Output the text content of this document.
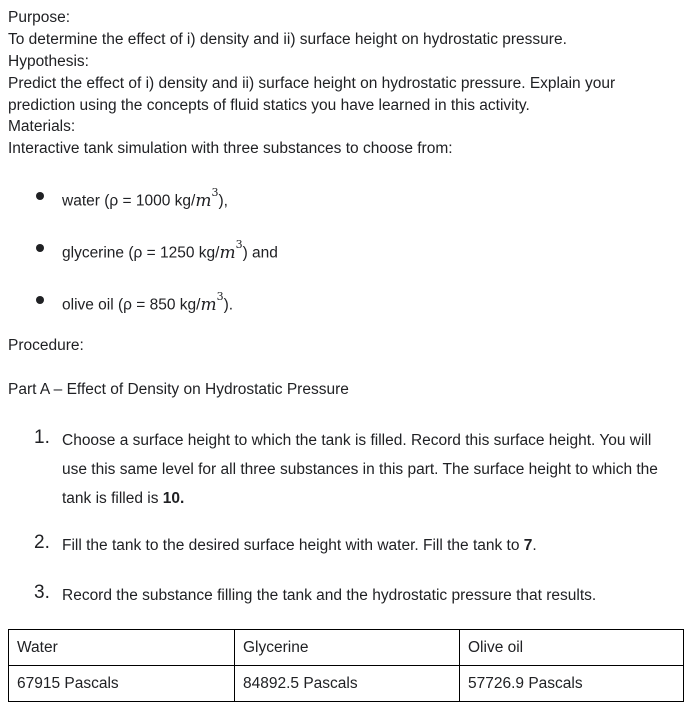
Purpose:
To determine the effect of i) density and ii) surface height on hydrostatic pressure.
Hypothesis:
Predict the effect of i) density and ii) surface height on hydrostatic pressure. Explain your
prediction using the concepts of fluid statics you have learned in this activity.
Materials:
Interactive tank simulation with three substances to choose from:
water (ρ = 1000 $kg/m^3$),
glycerine (ρ = 1250 $kg/m^3$) and
olive oil (ρ = 850 $kg/m^3$).
Procedure:
Part A – Effect of Density on Hydrostatic Pressure
1. Choose a surface height to which the tank is filled. Record this surface height. You will use this same level for all three substances in this part. The surface height to which the tank is filled is 10.
2. Fill the tank to the desired surface height with water. Fill the tank to 7.
3. Record the substance filling the tank and the hydrostatic pressure that results.
Water	Glycerine	Olive oil
67915 Pascals	84892.5 Pascals	57726.9 Pascals
